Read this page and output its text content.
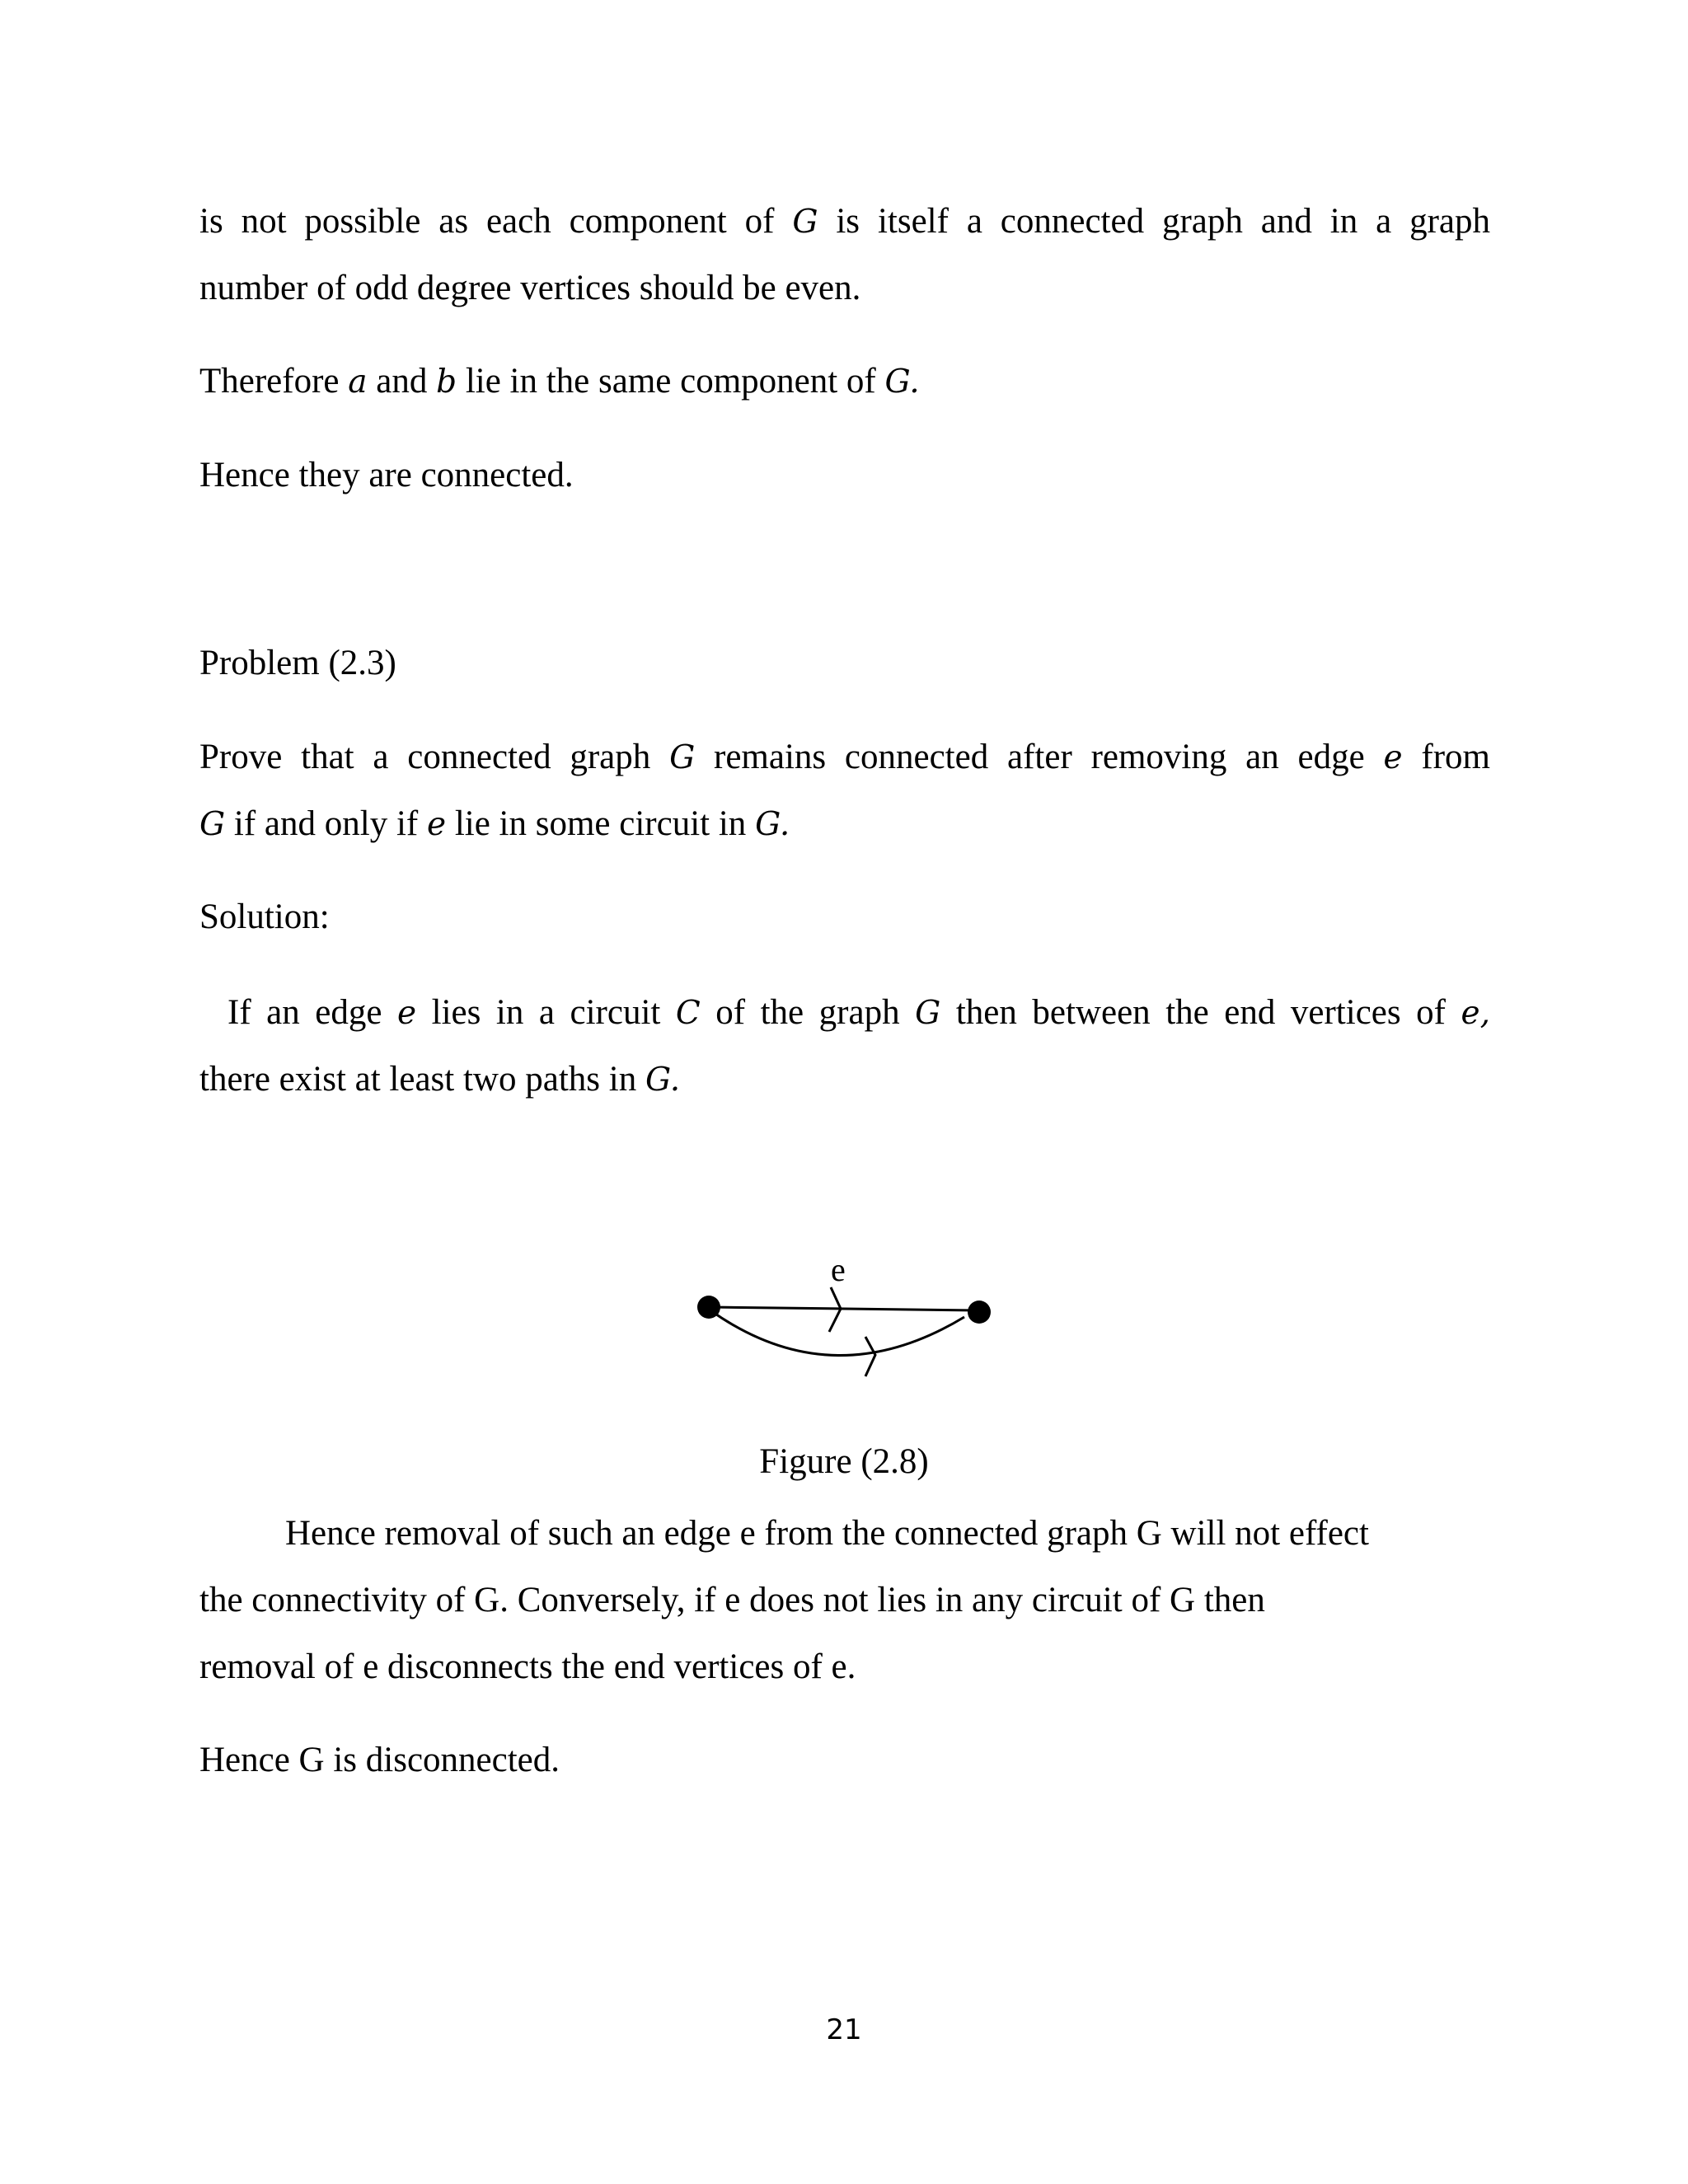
is not possible as each component of G is itself a connected graph and in a graph

number of odd degree vertices should be even.

Therefore a and b lie in the same component of G.

Hence they are connected.

Problem (2.3)

Prove that a connected graph G remains connected after removing an edge e from

G if and only if e lie in some circuit in G.

Solution:

If an edge e lies in a circuit C of the graph G then between the end vertices of e,

there exist at least two paths in G.

e
Figure (2.8)

Hence removal of such an edge e from the connected graph G will not effect

the connectivity of G. Conversely, if e does not lies in any circuit of G then

removal of e disconnects the end vertices of e.

Hence G is disconnected.

21
